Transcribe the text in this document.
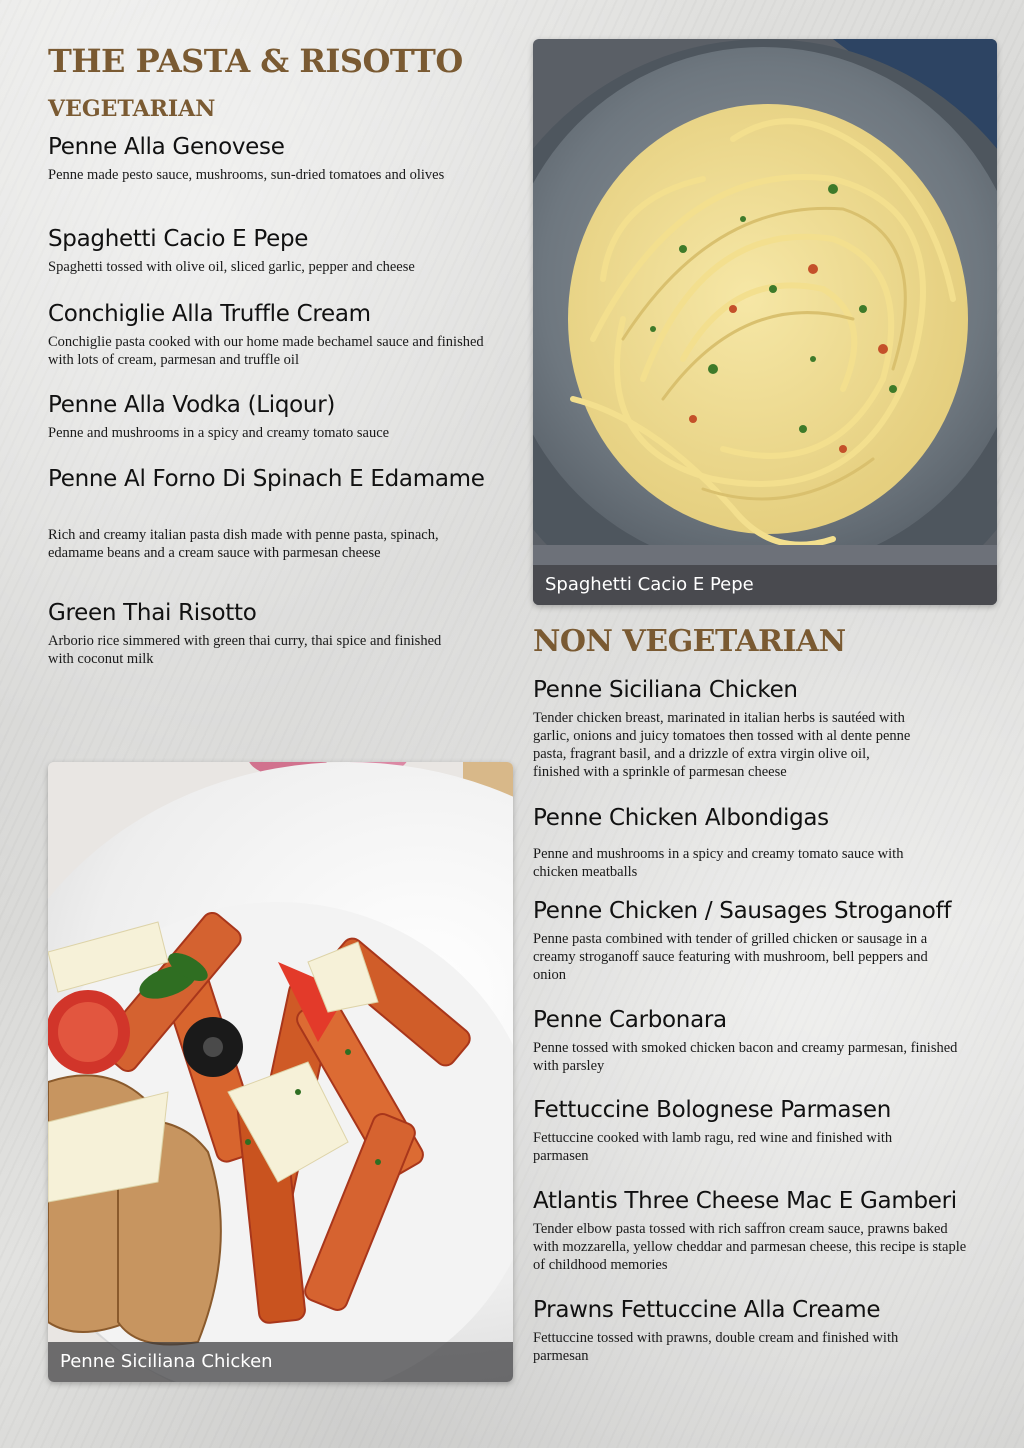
THE PASTA & RISOTTO
VEGETARIAN

Penne Alla Genovese

Penne made pesto sauce, mushrooms, sun-dried tomatoes and olives

Spaghetti Cacio E Pepe

Spaghetti tossed with olive oil, sliced garlic, pepper and cheese

Conchiglie Alla Truffle Cream

Conchiglie pasta cooked with our home made bechamel sauce and finished with lots of cream, parmesan and truffle oil

Penne Alla Vodka (Liqour)

Penne and mushrooms in a spicy and creamy tomato sauce

Penne Al Forno Di Spinach E Edamame

Rich and creamy italian pasta dish made with penne pasta, spinach, edamame beans and a cream sauce with parmesan cheese

Green Thai Risotto

Arborio rice simmered with green thai curry, thai spice and finished with coconut milk

Spaghetti Cacio E Pepe
NON VEGETARIAN

Penne Siciliana Chicken

Tender chicken breast, marinated in italian herbs is sautéed with garlic, onions and juicy tomatoes then tossed with al dente penne pasta, fragrant basil, and a drizzle of extra virgin olive oil, finished with a sprinkle of parmesan cheese

Penne Chicken Albondigas

Penne and mushrooms in a spicy and creamy tomato sauce with chicken meatballs

Penne Chicken / Sausages Stroganoff

Penne pasta combined with tender of grilled chicken or sausage in a creamy stroganoff sauce featuring with mushroom, bell peppers and onion

Penne Carbonara

Penne tossed with smoked chicken bacon and creamy parmesan, finished with parsley

Fettuccine Bolognese Parmasen

Fettuccine cooked with lamb ragu, red wine and finished with parmasen

Atlantis Three Cheese Mac E Gamberi

Tender elbow pasta tossed with rich saffron cream sauce, prawns baked with mozzarella, yellow cheddar and parmesan cheese, this recipe is staple of childhood memories

Prawns Fettuccine Alla Creame

Fettuccine tossed with prawns, double cream and finished with parmesan

Penne Siciliana Chicken
